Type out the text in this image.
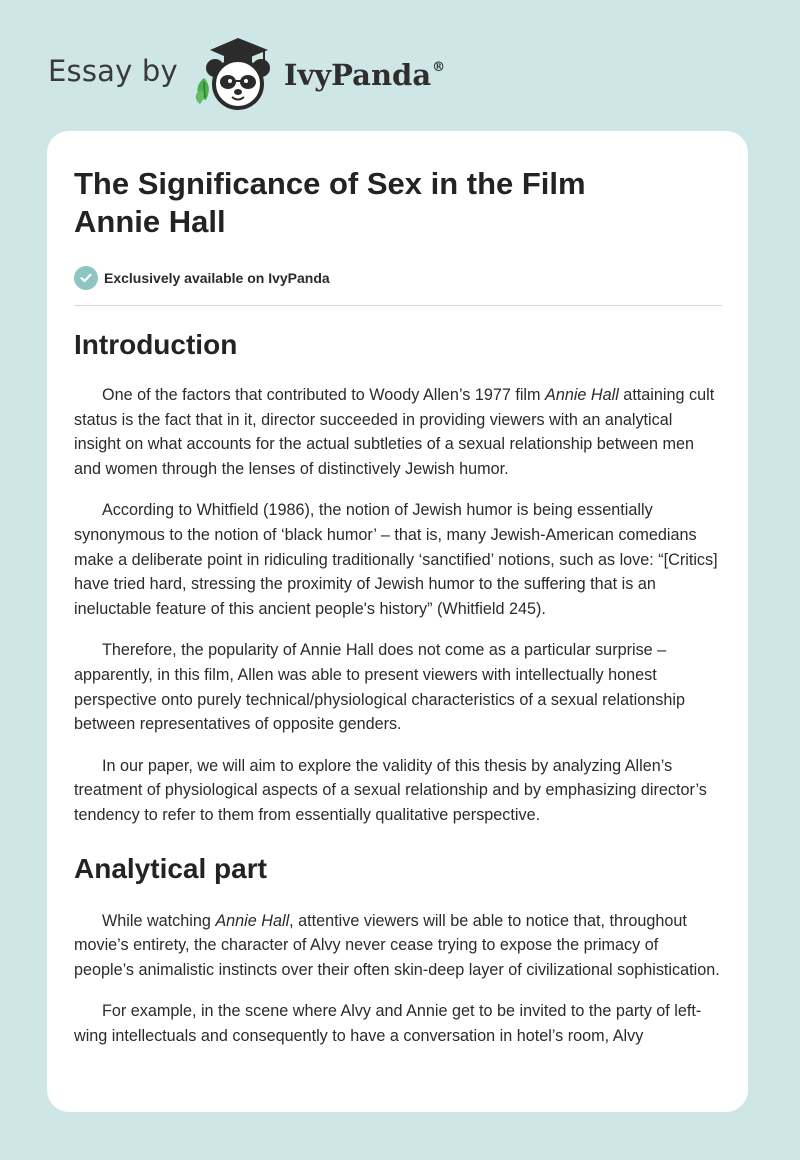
Essay by	IvyPanda®
The Significance of Sex in the Film
Annie Hall
Exclusively available on IvyPanda
Introduction

One of the factors that contributed to Woody Allen’s 1977 film Annie Hall attaining cult status is the fact that in it, director succeeded in providing viewers with an analytical insight on what accounts for the actual subtleties of a sexual relationship between men and women through the lenses of distinctively Jewish humor.

According to Whitfield (1986), the notion of Jewish humor is being essentially synonymous to the notion of ‘black humor’ – that is, many Jewish-American comedians make a deliberate point in ridiculing traditionally ‘sanctified’ notions, such as love: “[Critics] have tried hard, stressing the proximity of Jewish humor to the suffering that is an ineluctable feature of this ancient people's history” (Whitfield 245).

Therefore, the popularity of Annie Hall does not come as a particular surprise – apparently, in this film, Allen was able to present viewers with intellectually honest perspective onto purely technical/physiological characteristics of a sexual relationship between representatives of opposite genders.

In our paper, we will aim to explore the validity of this thesis by analyzing Allen’s treatment of physiological aspects of a sexual relationship and by emphasizing director’s tendency to refer to them from essentially qualitative perspective.

Analytical part

While watching Annie Hall, attentive viewers will be able to notice that, throughout movie’s entirety, the character of Alvy never cease trying to expose the primacy of people’s animalistic instincts over their often skin-deep layer of civilizational sophistication.

For example, in the scene where Alvy and Annie get to be invited to the party of left-wing intellectuals and consequently to have a conversation in hotel’s room, Alvy
